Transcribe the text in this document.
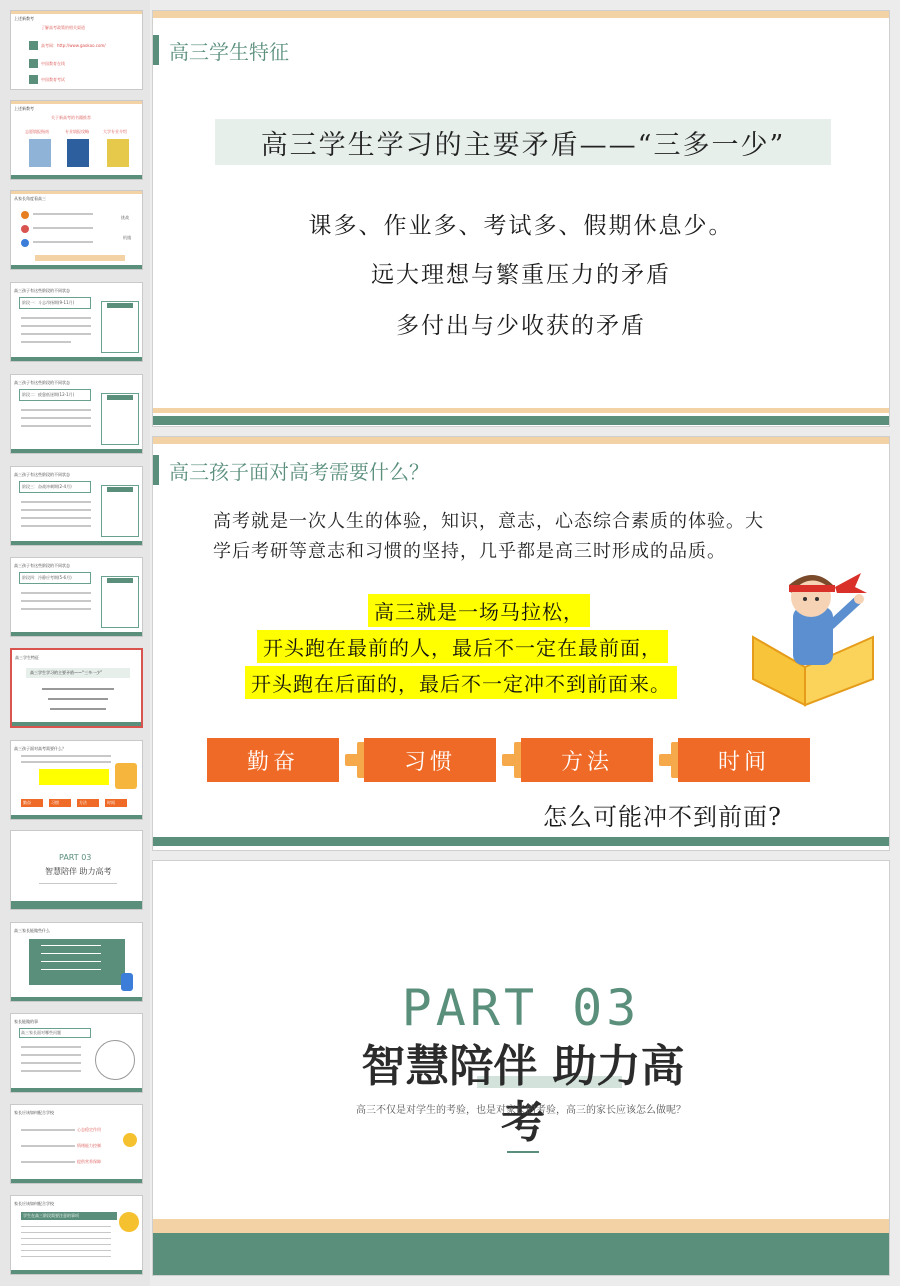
上述新教考
了解高考政策的相关渠道
高考网：http://www.gaokao.com/
中国教育在线
中国教育考试
上述新教考
关于新高考的书籍推荐
志愿填报指南	专业填报攻略	大学专业介绍
从家长角度看高三
挑战
机遇
高三孩子有这些阶段的不同状态
阶段一：斗志昂扬期(9-11月)
高三孩子有这些阶段的不同状态
阶段二：疲惫低迷期(12-1月)
高三孩子有这些阶段的不同状态
阶段三：奋战冲刺期(2-4月)
高三孩子有这些阶段的不同状态
阶段四：冷静应考期(5-6月)
高三学生特征
高三学生学习的主要矛盾——“三多一少”
高三孩子面对高考需要什么？
勤奋	习惯	方法	时间
PART 03
智慧陪伴 助力高考
高三家长能做些什么
家长能做的事
高三家长面对哪些问题
家长应该如何配合学校
心态稳定作用
情绪能力控制
提供营养保障
家长应该如何配合学校
学生在高三阶段需要注意的事项
高三学生特征
高三学生学习的主要矛盾——“三多一少”
课多、作业多、考试多、假期休息少。
远大理想与繁重压力的矛盾
多付出与少收获的矛盾
高三孩子面对高考需要什么？
高考就是一次人生的体验，知识，意志，心态综合素质的体验。大学后考研等意志和习惯的坚持，几乎都是高三时形成的品质。
高三就是一场马拉松，
开头跑在最前的人，最后不一定在最前面，
开头跑在后面的，最后不一定冲不到前面来。
勤奋	习惯	方法	时间
怎么可能冲不到前面?
PART 03
智慧陪伴 助力高考
高三不仅是对学生的考验，也是对家长的考验，高三的家长应该怎么做呢？
